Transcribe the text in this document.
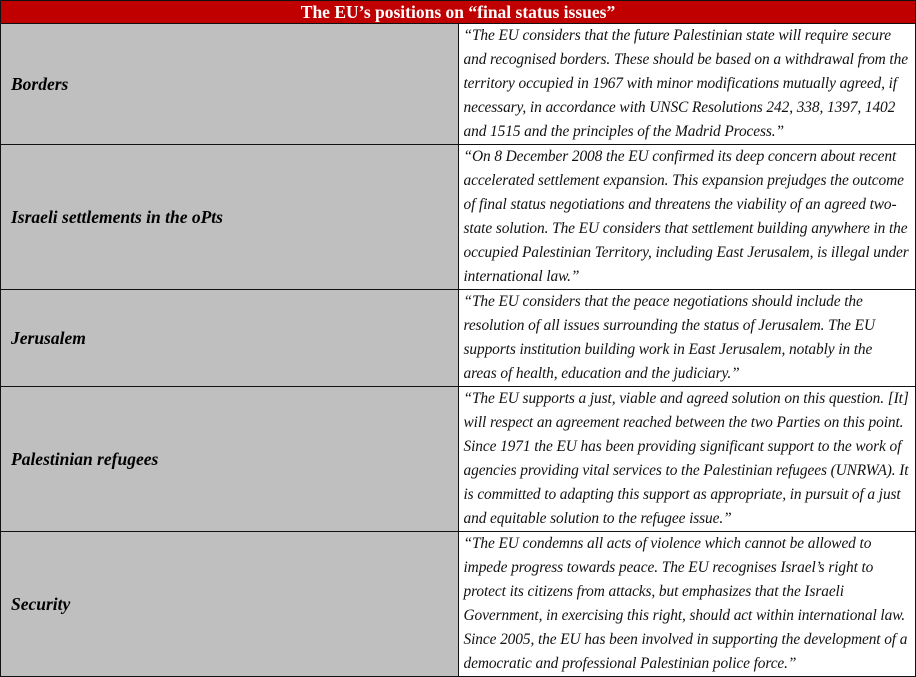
The EU’s positions on “final status issues”	
Borders	“The EU considers that the future Palestinian state will require secure and recognised borders. These should be based on a withdrawal from the territory occupied in 1967 with minor modifications mutually agreed, if necessary, in accordance with UNSC Resolutions 242, 338, 1397, 1402 and 1515 and the principles of the Madrid Process.”
Israeli settlements in the oPts	“On 8 December 2008 the EU confirmed its deep concern about recent accelerated settlement expansion. This expansion prejudges the outcome of final status negotiations and threatens the viability of an agreed two-state solution. The EU considers that settlement building anywhere in the occupied Palestinian Territory, including East Jerusalem, is illegal under international law.”
Jerusalem	“The EU considers that the peace negotiations should include the resolution of all issues surrounding the status of Jerusalem. The EU supports institution building work in East Jerusalem, notably in the areas of health, education and the judiciary.”
Palestinian refugees	“The EU supports a just, viable and agreed solution on this question. [It] will respect an agreement reached between the two Parties on this point. Since 1971 the EU has been providing significant support to the work of agencies providing vital services to the Palestinian refugees (UNRWA). It is committed to adapting this support as appropriate, in pursuit of a just and equitable solution to the refugee issue.”
Security	“The EU condemns all acts of violence which cannot be allowed to impede progress towards peace. The EU recognises Israel’s right to protect its citizens from attacks, but emphasizes that the Israeli Government, in exercising this right, should act within international law. Since 2005, the EU has been involved in supporting the development of a democratic and professional Palestinian police force.”
